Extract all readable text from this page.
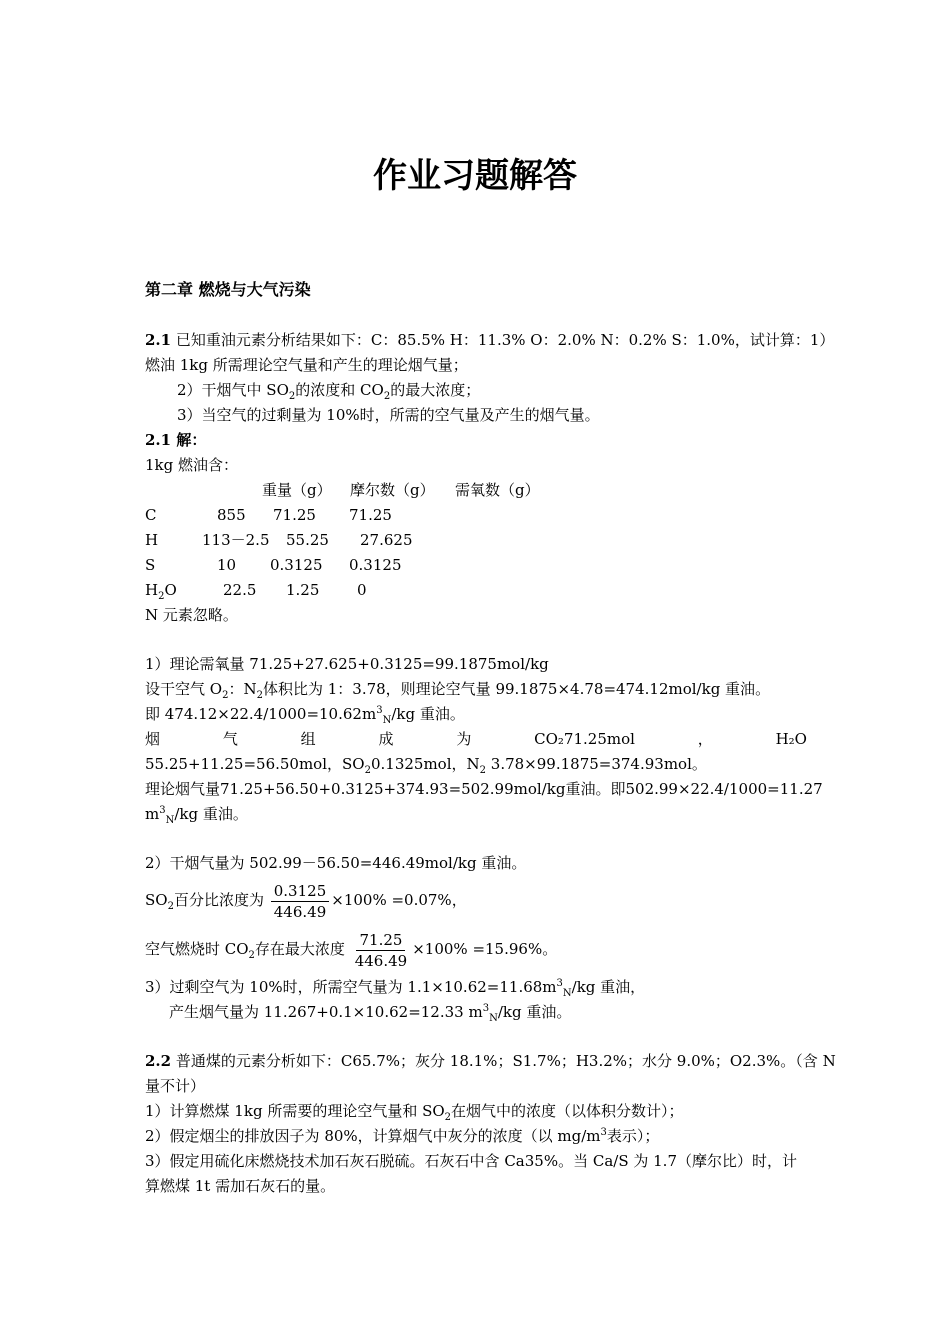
作业习题解答
第二章 燃烧与大气污染
2.1 已知重油元素分析结果如下：C：85.5% H：11.3% O：2.0% N：0.2% S：1.0%，试计算：1）
燃油 1kg 所需理论空气量和产生的理论烟气量；
2）干烟气中 $SO_2$的浓度和 $CO_2$的最大浓度；
3）当空气的过剩量为 10%时，所需的空气量及产生的烟气量。
2.1 解：
1kg 燃油含：
重量（g） 摩尔数（g） 需氧数（g）
C	855 71.25 71.25
H	113－2.5 55.25 27.625
S	10 0.3125 0.3125
$H_2O$	22.5 1.25	0
N 元素忽略。
1）理论需氧量 71.25+27.625+0.3125=99.1875mol/kg
设干空气 $O_2$：$N_2$体积比为 1：3.78，则理论空气量 99.1875×4.78=474.12mol/kg 重油。
即 $474.12\times 22.4/1000=10.62m^3_N/kg$ 重油。
烟	气	组	成	为	CO₂71.25mol	，	H₂O
55.25+11.25=56.50mol，$SO_20.1325mol$，$N_2$ 3.78×99.1875=374.93mol。
理论烟气量 71.25+56.50+0.3125+374.93=502.99mol/kg 重油 。 即 502.99×22.4/1000=11.27
$m^3_N/kg$ 重油。
2）干烟气量为 502.99－56.50=446.49mol/kg 重油。
$SO_2$百分比浓度为 $\frac{0.3125}{446.49} \times 100\% =0.07\%$，
空气燃烧时 $CO_2$存在最大浓度 $\frac{71.25}{446.49} \times 100\% =15.96\%$。
3）过剩空气为 10%时，所需空气量为 $1.1\times 10.62=11.68m^3_N/kg$ 重油，
产生烟气量为 11.267+0.1×10.62=12.33 $m^3_N/kg$ 重油。
2.2 普通煤的元素分析如下：C65.7%；灰分 18.1%；S1.7%；H3.2%；水分 9.0%；O2.3%。（含 N
量不计）
1）计算燃煤 1kg 所需要的理论空气量和 $SO_2$在烟气中的浓度（以体积分数计）；
2）假定烟尘的排放因子为 80%，计算烟气中灰分的浓度（以 $mg/m^3$表示）；
3）假定用硫化床燃烧技术加石灰石脱硫。石灰石中含 Ca35%。当 Ca/S 为 1.7（摩尔比）时，计
算燃煤 1t 需加石灰石的量。
